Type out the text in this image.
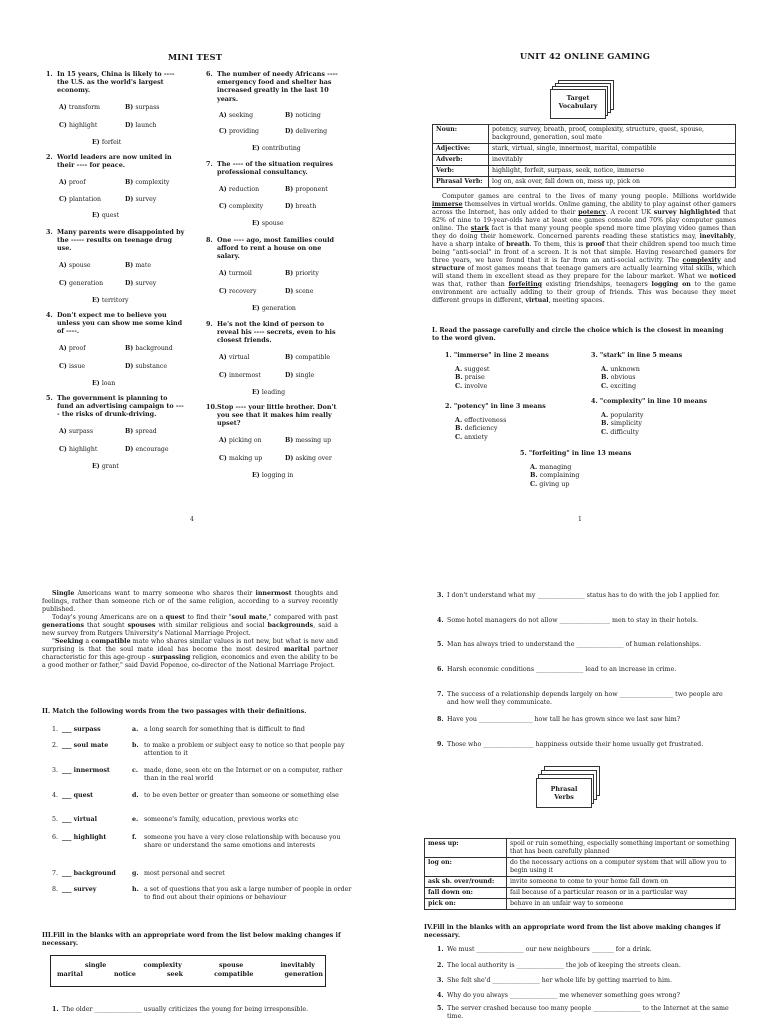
MINI TEST
1. In 15 years, China is likely to ---- the U.S. as the world's largest economy.
A) transform	B) surpass
C) highlight	D) launch
E) forfeit
2. World leaders are now united in their ---- for peace.
A) proof	B) complexity
C) plantation	D) survey
E) quest
3. Many parents were disappointed by the ----- results on teenage drug use.
A) spouse	B) mate
C) generation	D) survey
E) territory
4. Don't expect me to believe you unless you can show me some kind of ----.
A) proof	B) background
C) issue	D) substance
E) loan
5. The government is planning to fund an advertising campaign to ---- the risks of drunk-driving.
A) surpass	B) spread
C) highlight	D) encourage
E) grant
6. The number of needy Africans ---- emergency food and shelter has increased greatly in the last 10 years.
A) seeking	B) noticing
C) providing	D) delivering
E) contributing
7. The ---- of the situation requires professional consultancy.
A) reduction	B) proponent
C) complexity	D) breath
E) spouse
8. One ---- ago, most families could afford to rent a house on one salary.
A) turmoil	B) priority
C) recovery	D) scene
E) generation
9. He's not the kind of person to reveal his ---- secrets, even to his closest friends.
A) virtual	B) compatible
C) innermost	D) single
E) leading
10. Stop ---- your little brother. Don't you see that it makes him really upset?
A) picking on	B) messing up
C) making up	D) asking over
E) logging in
4
UNIT 42 ONLINE GAMING
Target Vocabulary
Noun:	potency, survey, breath, proof, complexity, structure, quest, spouse, background, generation, soul mate
Adjective:	stark, virtual, single, innermost, marital, compatible
Adverb:	inevitably
Verb:	highlight, forfeit, surpass, seek, notice, immerse
Phrasal Verb:	log on, ask over, fall down on, mess up, pick on

Computer games are central to the lives of many young people. Millions worldwide immerse themselves in virtual worlds. Online gaming, the ability to play against other gamers across the Internet, has only added to their potency. A recent UK survey highlighted that 82% of nine to 19-year-olds have at least one games console and 70% play computer games online. The stark fact is that many young people spend more time playing video games than they do doing their homework. Concerned parents reading these statistics may, inevitably, have a sharp intake of breath. To them, this is proof that their children spend too much time being "anti-social" in front of a screen. It is not that simple. Having researched gamers for three years, we have found that it is far from an anti-social activity. The complexity and structure of most games means that teenage gamers are actually learning vital skills, which will stand them in excellent stead as they prepare for the labour market. What we noticed was that, rather than forfeiting existing friendships, teenagers logging on to the game environment are actually adding to their group of friends. This was because they meet different groups in different, virtual, meeting spaces.

I. Read the passage carefully and circle the choice which is the closest in meaning to the word given.
1. "immerse" in line 2 means
A. suggest
B. praise
C. involve
2. "potency" in line 3 means
A. effectiveness
B. deficiency
C. anxiety
3. "stark" in line 5 means
A. unknown
B. obvious
C. exciting
4. "complexity" in line 10 means
A. popularity
B. simplicity
C. difficulty
5. "forfeiting" in line 13 means
A. managing
B. complaining
C. giving up
1

Single Americans want to marry someone who shares their innermost thoughts and feelings, rather than someone rich or of the same religion, according to a survey recently published.

Today's young Americans are on a quest to find their "soul mate," compared with past generations that sought spouses with similar religious and social backgrounds, said a new survey from Rutgers University's National Marriage Project.

"Seeking a compatible mate who shares similar values is not new, but what is new and surprising is that the soul mate ideal has become the most desired marital partner characteristic for this age-group - surpassing religion, economics and even the ability to be a good mother or father," said David Popenoe, co-director of the National Marriage Project.

II. Match the following words from the two passages with their definitions.
1. ___ surpass	a. a long search for something that is difficult to find
2. ___ soul mate	b. to make a problem or subject easy to notice so that people pay attention to it
3. ___ innermost	c. made, done, seen etc on the Internet or on a computer, rather than in the real world
4. ___ quest	d. to be even better or greater than someone or something else
5. ___ virtual	e. someone's family, education, previous works etc
6. ___ highlight	f.	someone you have a very close relationship with because you share or understand the same emotions and interests
7. ___ background	g. most personal and secret
8. ___ survey	h. a set of questions that you ask a large number of people in order to find out about their opinions or behaviour
III.Fill in the blanks with an appropriate word from the list below making changes if necessary.
single	complexity	spouse	inevitably
marital	notice	seek	compatible	generation
1. The older _______________ usually criticizes the young for being irresponsible.
3. I don't understand what my _______________ status has to do with the job I applied for.
4. Some hotel managers do not allow ________________ men to stay in their hotels.
5. Man has always tried to understand the _______________ of human relationships.
6. Harsh economic conditions _______________ lead to an increase in crime.
7. The success of a relationship depends largely on how _________________ two people are and how well they communicate.
8. Have you _________________ how tall he has grown since we last saw him?
9. Those who ________________ happiness outside their home usually get frustrated.
Phrasal Verbs
mess up:	spoil or ruin something, especially something important or something that has been carefully planned
log on:	do the necessary actions on a computer system that will allow you to begin using it
ask sb. over/round:	invite someone to come to your home fall down on
fall down on:	fail because of a particular reason or in a particular way
pick on:	behave in an unfair way to someone
IV.Fill in the blanks with an appropriate word from the list above making changes if necessary.
1. We must _______________ our new neighbours _______ for a drink.
2. The local authority is _______________ the job of keeping the streets clean.
3. She felt she'd _______________ her whole life by getting married to him.
4. Why do you always _______________ me whenever something goes wrong?
5. The server crashed because too many people _______________ to the Internet at the same time.
